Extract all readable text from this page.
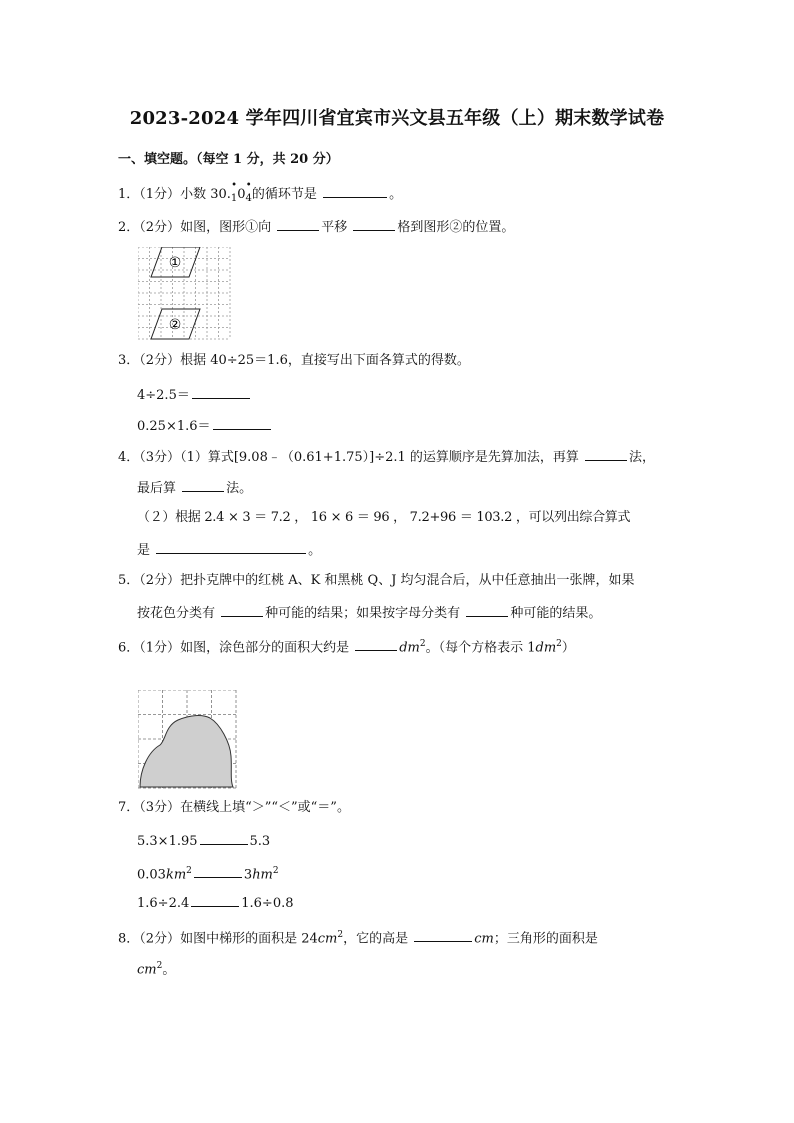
2023-2024 学年四川省宜宾市兴文县五年级（上）期末数学试卷
一、填空题。（每空 1 分，共 20 分）
1．（1分）小数 30.
•
$_1$0
•
$_4$的循环节是	。
2．（2分）如图，图形①向	平移	格到图形②的位置。
①
②
3．（2分）根据 40÷25＝1.6，直接写出下面各算式的得数。
4÷2.5＝
0.25×1.6＝
4．（3分）（1）算式[9.08﹣（0.61+1.75）]÷2.1 的运算顺序是先算加法，再算	法，
最后算	法。
（２）根据 2.4 × 3 ＝ 7.2 ， 16 × 6 ＝ 96 ， 7.2+96 ＝ 103.2 ，可以列出综合算式
是	。
5．（2分）把扑克牌中的红桃 A、K 和黑桃 Q、J 均匀混合后，从中任意抽出一张牌，如果
按花色分类有	种可能的结果；如果按字母分类有	种可能的结果。
6．（1分）如图，涂色部分的面积大约是	$dm^2$。（每个方格表示 $1dm^2$）
7．（3分）在横线上填“＞”“＜”或“＝”。
5.3×1.95	5.3
$0.03km^2$	$3hm^2$
1.6÷2.4	1.6÷0.8
8．（2分）如图中梯形的面积是 $24cm^2$，它的高是	cm；三角形的面积是
$cm^2$。
